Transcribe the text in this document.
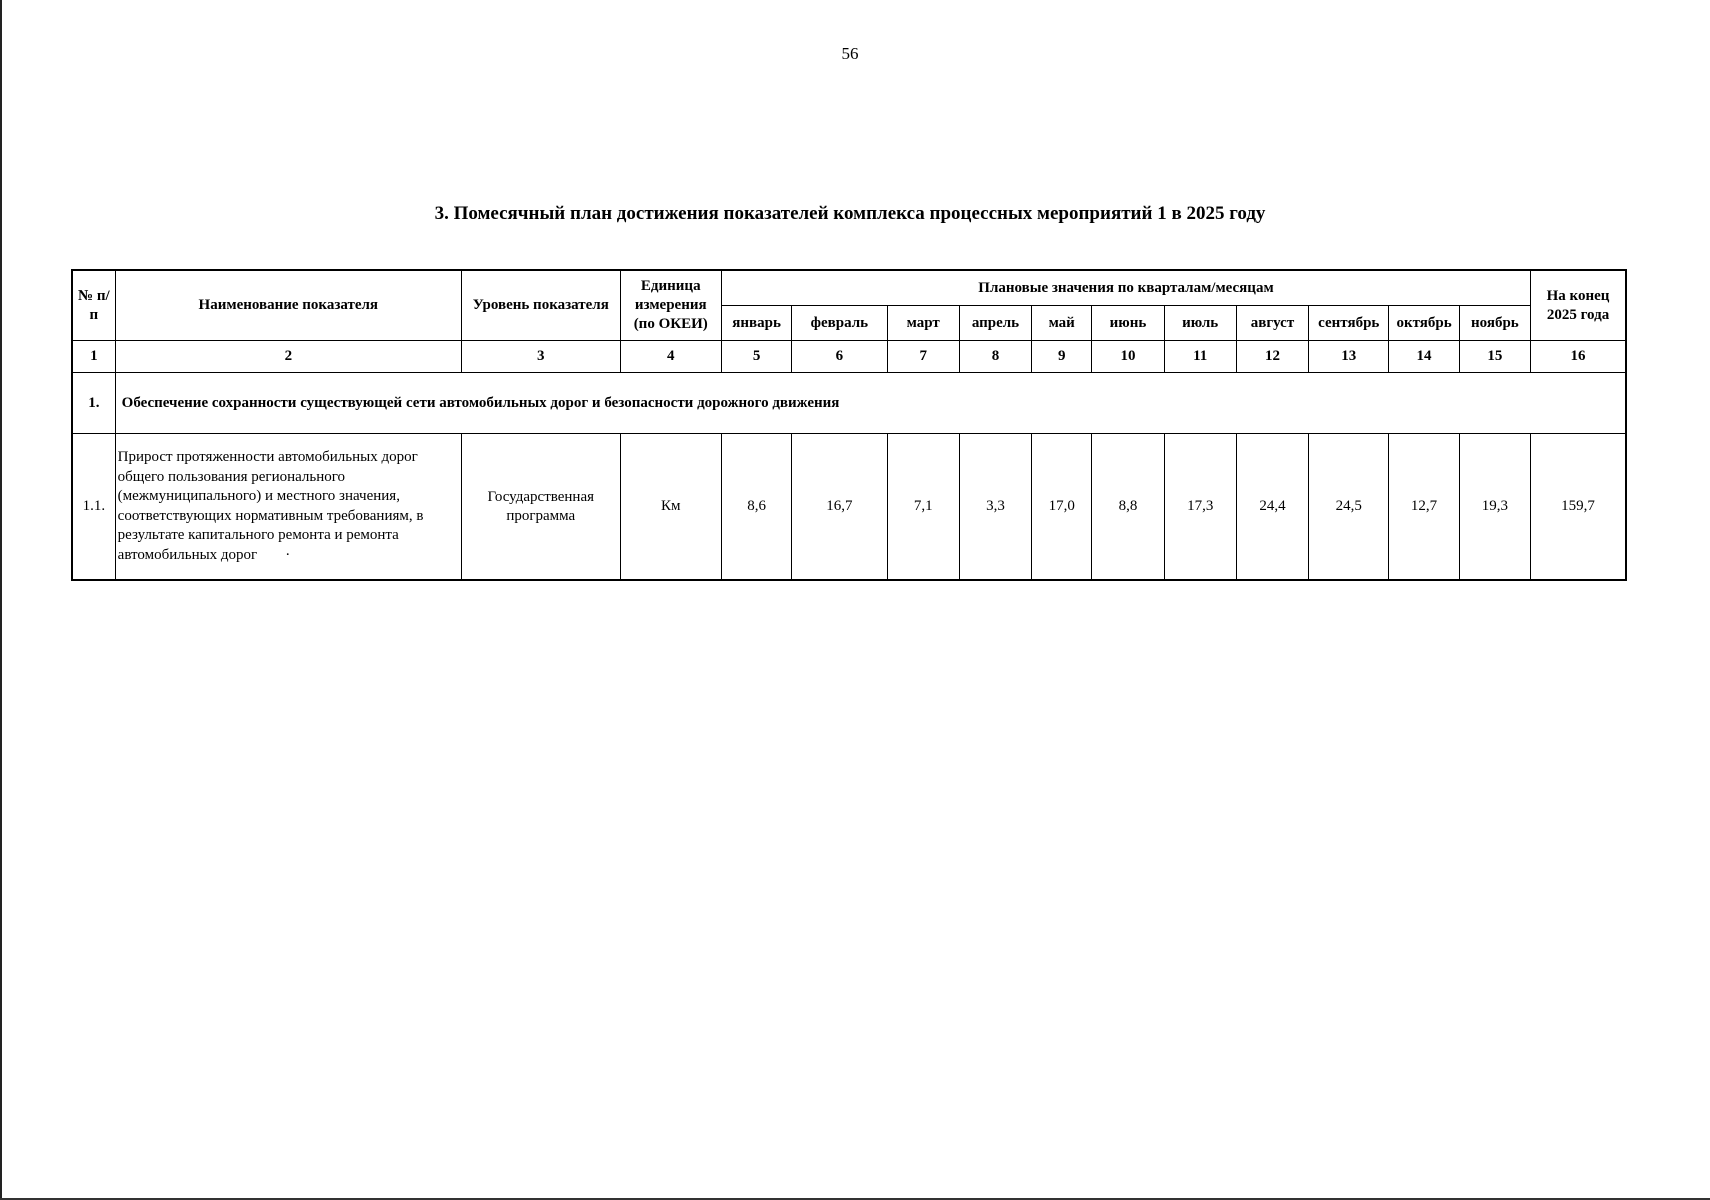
56
3. Помесячный план достижения показателей комплекса процессных мероприятий 1 в 2025 году
№ п/п	Наименование показателя	Уровень показателя	Единица измерения (по ОКЕИ)	Плановые значения по кварталам/месяцам											На конец 2025 года
				январь	февраль	март	апрель	май	июнь	июль	август	сентябрь	октябрь	ноябрь	
1	2	3	4	5	6	7	8	9	10	11	12	13	14	15	16
1.	Обеспечение сохранности существующей сети автомобильных дорог и безопасности дорожного движения														
1.1.	Прирост протяженности автомобильных дорог общего пользования регионального (межмуниципального) и местного значения, соответствующих нормативным требованиям, в результате капитального ремонта и ремонта автомобильных дорог ·	Государственная программа	Км	8,6	16,7	7,1	3,3	17,0	8,8	17,3	24,4	24,5	12,7	19,3	159,7
